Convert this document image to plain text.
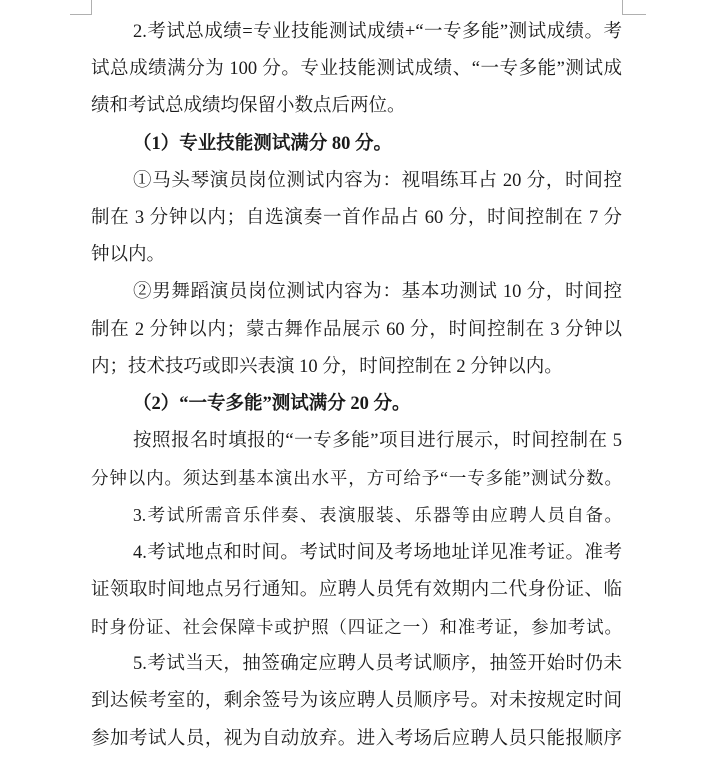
2.考试总成绩=专业技能测试成绩+“一专多能”测试成绩。考
试总成绩满分为 100 分。专业技能测试成绩、“一专多能”测试成
绩和考试总成绩均保留小数点后两位。
（1）专业技能测试满分 80 分。
①马头琴演员岗位测试内容为：视唱练耳占 20 分，时间控
制在 3 分钟以内；自选演奏一首作品占 60 分，时间控制在 7 分
钟以内。
②男舞蹈演员岗位测试内容为：基本功测试 10 分，时间控
制在 2 分钟以内；蒙古舞作品展示 60 分，时间控制在 3 分钟以
内；技术技巧或即兴表演 10 分，时间控制在 2 分钟以内。
（2）“一专多能”测试满分 20 分。
按照报名时填报的“一专多能”项目进行展示，时间控制在 5
分钟以内。须达到基本演出水平，方可给予“一专多能”测试分数。
3.考试所需音乐伴奏、表演服装、乐器等由应聘人员自备。
4.考试地点和时间。考试时间及考场地址详见准考证。准考
证领取时间地点另行通知。应聘人员凭有效期内二代身份证、临
时身份证、社会保障卡或护照（四证之一）和准考证，参加考试。
5.考试当天，抽签确定应聘人员考试顺序，抽签开始时仍未
到达候考室的，剩余签号为该应聘人员顺序号。对未按规定时间
参加考试人员，视为自动放弃。进入考场后应聘人员只能报顺序
